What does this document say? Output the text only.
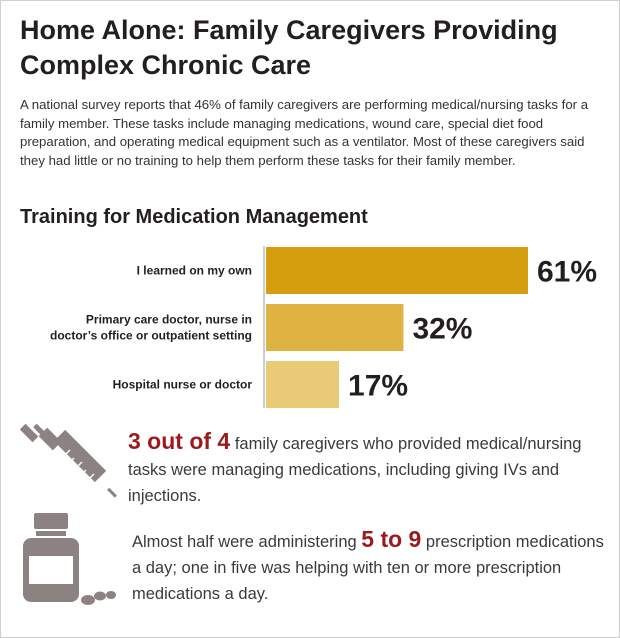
Home Alone: Family Caregivers Providing Complex Chronic Care

A national survey reports that 46% of family caregivers are performing medical/nursing tasks for a family member. These tasks include managing medications, wound care, special diet food preparation, and operating medical equipment such as a ventilator. Most of these caregivers said they had little or no training to help them perform these tasks for their family member.

Training for Medication Management
61%
I learned on my own
32%
Primary care doctor, nurse in
doctor’s office or outpatient setting
17%
Hospital nurse or doctor
3 out of 4 family caregivers who provided medical/nursing tasks were managing medications, including giving IVs and injections.
Almost half were administering 5 to 9 prescription medications a day; one in five was helping with ten or more prescription medications a day.
